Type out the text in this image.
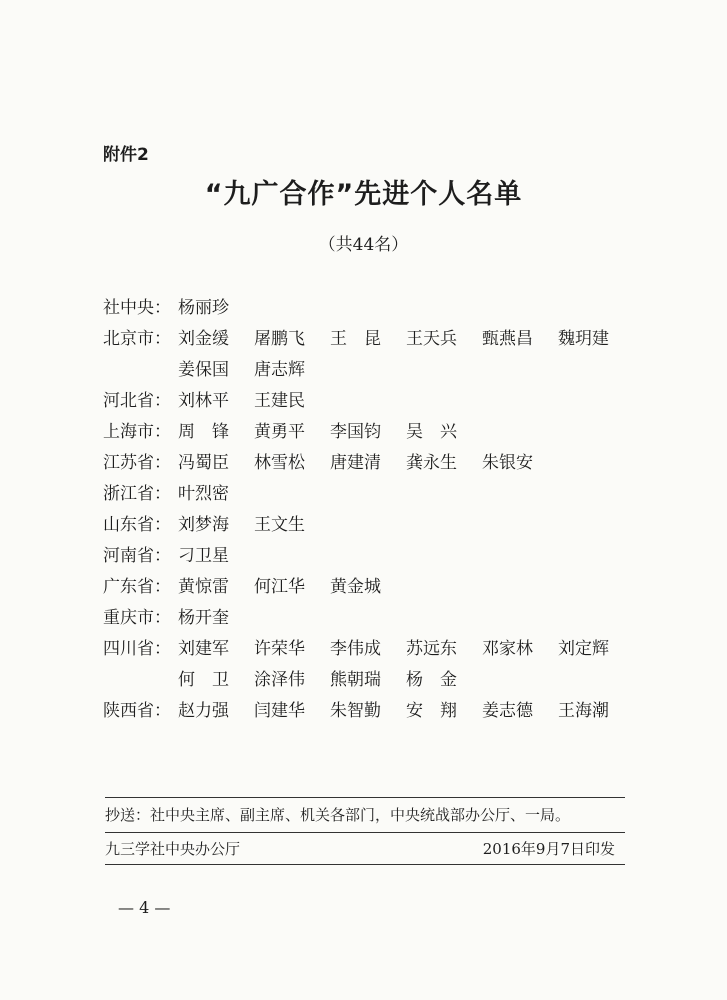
附件2
“九广合作”先进个人名单
（共44名）
社中央： 杨丽珍
北京市： 刘金缓	屠鹏飞	王　昆	王天兵	甄燕昌	魏玥建
姜保国	唐志辉
河北省： 刘林平	王建民
上海市： 周　锋	黄勇平	李国钧	吴　兴
江苏省： 冯蜀臣	林雪松	唐建清	龚永生	朱银安
浙江省： 叶烈密
山东省： 刘梦海	王文生
河南省： 刁卫星
广东省： 黄惊雷	何江华	黄金城
重庆市： 杨开奎
四川省： 刘建军	许荣华	李伟成	苏远东	邓家林	刘定辉
何　卫	涂泽伟	熊朝瑞	杨　金
陕西省： 赵力强	闫建华	朱智勤	安　翔	姜志德	王海潮
抄送：社中央主席、副主席、机关各部门，中央统战部办公厅、一局。
九三学社中央办公厅	2016年9月7日印发
— 4 —
